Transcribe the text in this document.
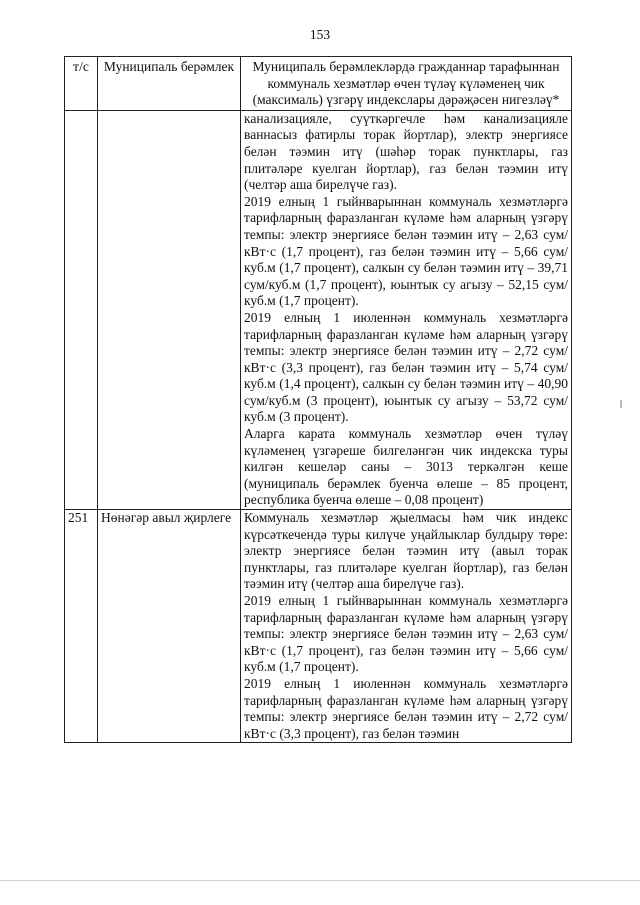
153
т/с	Муниципаль берәмлек	Муниципаль берәмлекләрдә гражданнар тарафыннан коммуналь хезмәтләр өчен түләү күләменең чик (максималь) үзгәрү индекслары дәрәҗәсен нигезләү*

		канализацияле, суүткәргечле һәм канализацияле ваннасыз фатирлы торак йортлар), электр энергиясе белән тәэмин итү (шәһәр торак пунктлары, газ плитәләре куелган йортлар), газ белән тәэмин итү (челтәр аша бирелүче газ).

2019 елның 1 гыйнварыннан коммуналь хезмәтләргә тарифларның фаразланган күләме һәм аларның үзгәрү темпы: электр энергиясе белән тәэмин итү – 2,63 сум/кВт·с (1,7 процент), газ белән тәэмин итү – 5,66 сум/куб.м (1,7 процент), салкын су белән тәэмин итү – 39,71 сум/куб.м (1,7 процент), юынтык су агызу – 52,15 сум/куб.м (1,7 процент).

2019 елның 1 июленнән коммуналь хезмәтләргә тарифларның фаразланган күләме һәм аларның үзгәрү темпы: электр энергиясе белән тәэмин итү – 2,72 сум/кВт·с (3,3 процент), газ белән тәэмин итү – 5,74 сум/куб.м (1,4 процент), салкын су белән тәэмин итү – 40,90 сум/куб.м (3 процент), юынтык су агызу – 53,72 сум/куб.м (3 процент).

Аларга карата коммуналь хезмәтләр өчен түләү күләменең үзгәреше билгеләнгән чик индекска туры килгән кешеләр саны – 3013 теркәлгән кеше (муниципаль берәмлек буенча өлеше – 85 процент, республика буенча өлеше – 0,08 процент)

251	Нөнәгәр авыл җирлеге	Коммуналь хезмәтләр җыелмасы һәм чик индекс күрсәткечендә туры килүче уңайлыклар булдыру төре: электр энергиясе белән тәэмин итү (авыл торак пунктлары, газ плитәләре куелган йортлар), газ белән тәэмин итү (челтәр аша бирелүче газ).

2019 елның 1 гыйнварыннан коммуналь хезмәтләргә тарифларның фаразланган күләме һәм аларның үзгәрү темпы: электр энергиясе белән тәэмин итү – 2,63 сум/кВт·с (1,7 процент), газ белән тәэмин итү – 5,66 сум/куб.м (1,7 процент).

2019 елның 1 июленнән коммуналь хезмәтләргә тарифларның фаразланган күләме һәм аларның үзгәрү темпы: электр энергиясе белән тәэмин итү – 2,72 сум/кВт·с (3,3 процент), газ белән тәэмин
